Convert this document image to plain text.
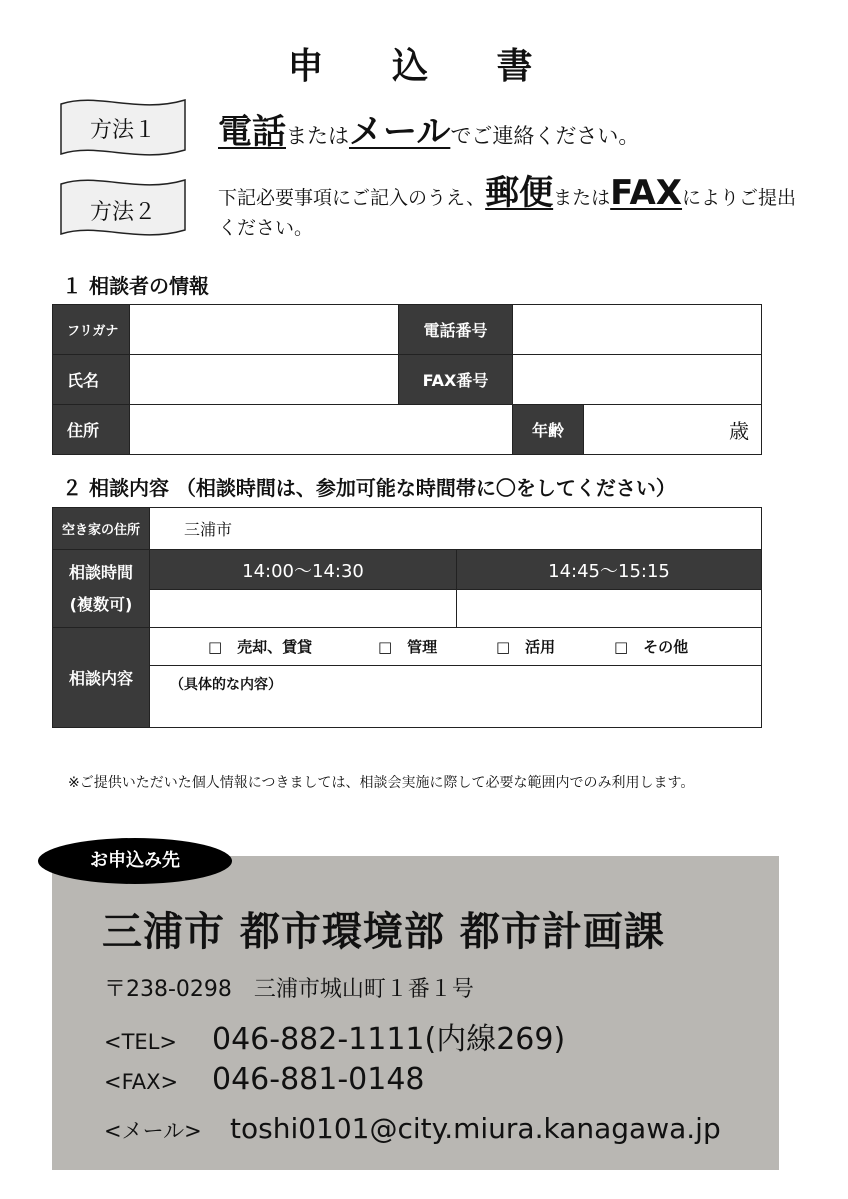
申 込 書
方法１	電話またはメールでご連絡ください。
方法２
下記必要事項にご記入のうえ、郵便またはFAXによりご提出ください。
１ 相談者の情報
フリガナ		電話番号		
氏名		FAX番号		
住所			年齢	歳
２ 相談内容 （相談時間は、参加可能な時間帯に〇をしてください）
空き家の住所	三浦市	

相談時間
(複数可)	14:00～14:30	14:45～15:15

相談内容	□　売却、賃貸 □　管理 □　活用 □　その他	
	（具体的な内容）	
※ご提供いただいた個人情報につきましては、相談会実施に際して必要な範囲内でのみ利用します。
お申込み先
三浦市 都市環境部 都市計画課
〒238-0298　三浦市城山町１番１号
<TEL> 046-882-1111(内線269)
<FAX> 046-881-0148
<メール> toshi0101@city.miura.kanagawa.jp
